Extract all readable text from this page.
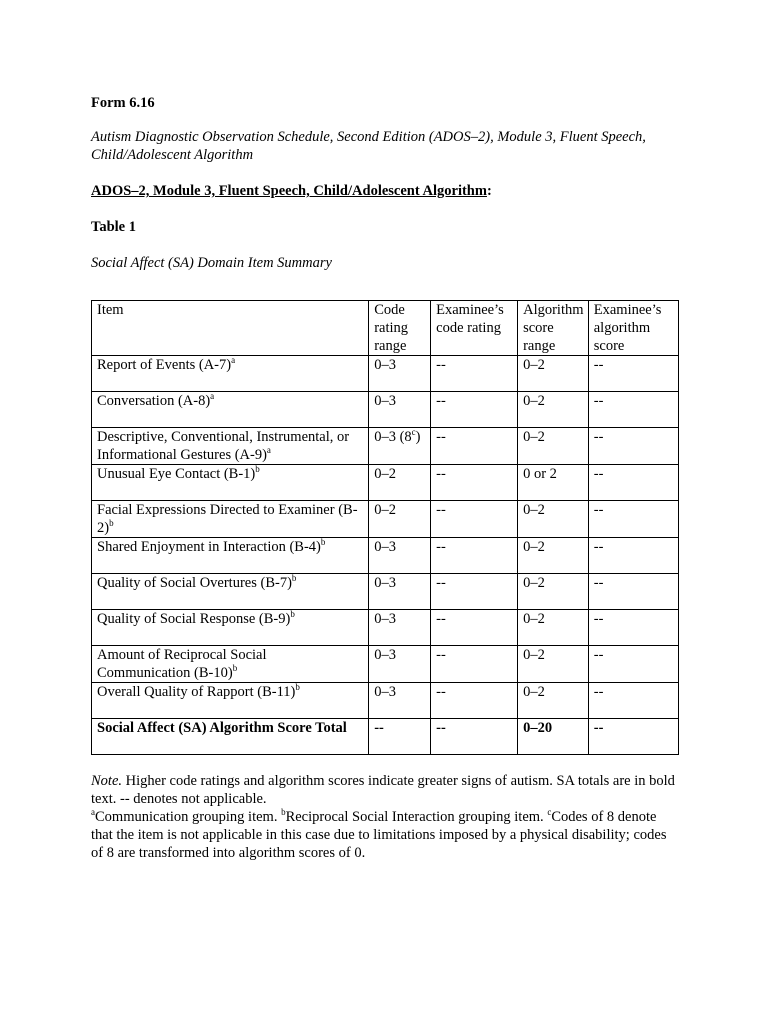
Form 6.16

Autism Diagnostic Observation Schedule, Second Edition (ADOS–2), Module 3, Fluent Speech, Child/Adolescent Algorithm

ADOS–2, Module 3, Fluent Speech, Child/Adolescent Algorithm:

Table 1

Social Affect (SA) Domain Item Summary

Item	Code rating range	Examinee’s code rating	Algorithm score range	Examinee’s algorithm score
Report of Events $(A-7)^a$	0–3	--	0–2	--
Conversation $(A-8)^a$	0–3	--	0–2	--
Descriptive, Conventional, Instrumental, or Informational Gestures $(A-9)^a$	0–3 (8$^c$)	--	0–2	--
Unusual Eye Contact $(B-1)^b$	0–2	--	0 or 2	--
Facial Expressions Directed to Examiner $(B-2)^b$	0–2	--	0–2	--
Shared Enjoyment in Interaction $(B-4)^b$	0–3	--	0–2	--
Quality of Social Overtures $(B-7)^b$	0–3	--	0–2	--
Quality of Social Response $(B-9)^b$	0–3	--	0–2	--
Amount of Reciprocal Social Communication $(B-10)^b$	0–3	--	0–2	--
Overall Quality of Rapport $(B-11)^b$	0–3	--	0–2	--
Social Affect (SA) Algorithm Score Total	--	--	0–20	--

Note. Higher code ratings and algorithm scores indicate greater signs of autism. SA totals are in bold text. -- denotes not applicable.

$^a$Communication grouping item. $^b$Reciprocal Social Interaction grouping item. $^c$Codes of 8 denote that the item is not applicable in this case due to limitations imposed by a physical disability; codes of 8 are transformed into algorithm scores of 0.
